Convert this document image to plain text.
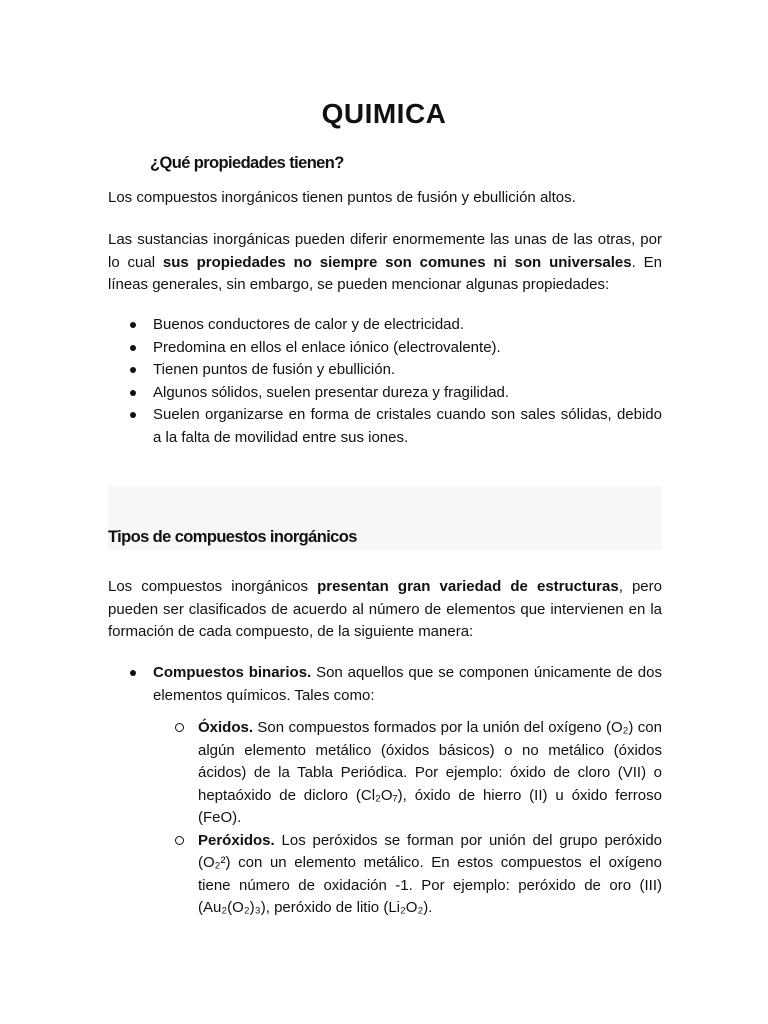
QUIMICA
¿Qué propiedades tienen?

Los compuestos inorgánicos tienen puntos de fusión y ebullición altos.

Las sustancias inorgánicas pueden diferir enormemente las unas de las otras, por lo cual sus propiedades no siempre son comunes ni son universales. En líneas generales, sin embargo, se pueden mencionar algunas propiedades:

Buenos conductores de calor y de electricidad.
Predomina en ellos el enlace iónico (electrovalente).
Tienen puntos de fusión y ebullición.
Algunos sólidos, suelen presentar dureza y fragilidad.
Suelen organizarse en forma de cristales cuando son sales sólidas, debido a la falta de movilidad entre sus iones.
Tipos de compuestos inorgánicos

Los compuestos inorgánicos presentan gran variedad de estructuras, pero pueden ser clasificados de acuerdo al número de elementos que intervienen en la formación de cada compuesto, de la siguiente manera:

Compuestos binarios. Son aquellos que se componen únicamente de dos elementos químicos. Tales como:
Óxidos. Son compuestos formados por la unión del oxígeno (O₂) con algún elemento metálico (óxidos básicos) o no metálico (óxidos ácidos) de la Tabla Periódica. Por ejemplo: óxido de cloro (VII) o heptaóxido de dicloro (Cl₂O₇), óxido de hierro (II) u óxido ferroso (FeO).
Peróxidos. Los peróxidos se forman por unión del grupo peróxido (O₂²) con un elemento metálico. En estos compuestos el oxígeno tiene número de oxidación -1. Por ejemplo: peróxido de oro (III) (Au₂(O₂)₃), peróxido de litio (Li₂O₂).
